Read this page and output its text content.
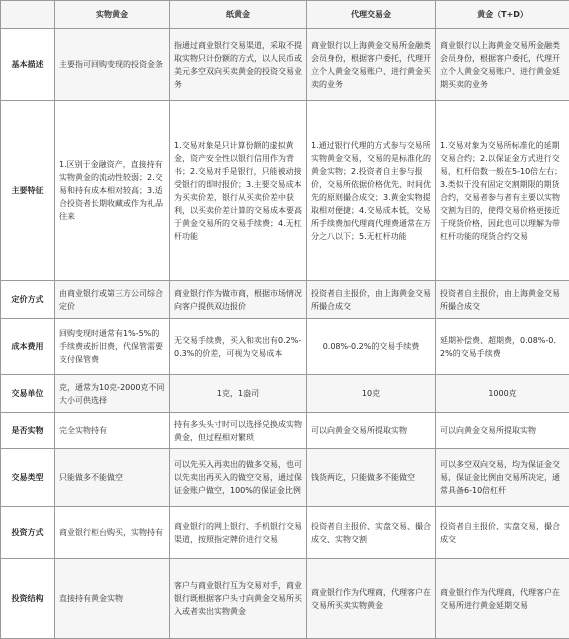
	实物黄金	纸黄金	代理交易金	黄金（T+D）
基本描述	主要指可回购变现的投资金条	指通过商业银行交易渠道，采取不提取实物只计份额的方式，以人民币或美元多空双向买卖黄金的投资交易业务	商业银行以上海黄金交易所金融类会员身份，根据客户委托，代理开立个人黄金交易账户、进行黄金买卖的业务	商业银行以上海黄金交易所金融类会员身份，根据客户委托，代理开立个人黄金交易账户、进行黄金延期买卖的业务
主要特征	1.区别于金融资产，直接持有实物黄金的流动性较弱；2.交易和持有成本相对较高；3.适合投资者长期收藏或作为礼品往来	1.交易对象是只计算份额的虚拟黄金，资产安全性以银行信用作为背书；2.交易对手是银行，只能被动接受银行的即时报价；3.主要交易成本为买卖价差，银行从买卖价差中获利，以买卖价差计算的交易成本要高于黄金交易所的交易手续费；4.无杠杆功能	1.通过银行代理的方式参与交易所实物黄金交易，交易的是标准化的黄金实物；2.投资者自主参与报价，交易所依据价格优先、时间优先的原则撮合成交；3.黄金实物提取相对便捷；4.交易成本低，交易所手续费加代理商代理费通常在万分之八以下；5.无杠杆功能	1.交易对象为交易所标准化的延期交易合约；2.以保证金方式进行交易，杠杆倍数一般在5-10倍左右；3.类似于没有固定交割期限的期货合约，交易者参与者有主要以实物交割为目的，使得交易价格更接近于现货价格，因此也可以理解为带杠杆功能的现货合约交易
定价方式	由商业银行或第三方公司综合定价	商业银行作为做市商，根据市场情况向客户提供双边报价	投资者自主报价，由上海黄金交易所撮合成交	投资者自主报价，由上海黄金交易所撮合成交
成本费用	回购变现时通常有1%-5%的手续费或折旧费，代保管需要支付保管费	无交易手续费，买入和卖出有0.2%-0.3%的价差，可视为交易成本	0.08%-0.2%的交易手续费	延期补偿费、超期费，0.08%-0.2%的交易手续费
交易单位	克，通常为10克-2000克不同大小可供选择	1克，1盎司	10克	1000克
是否实物	完全实物持有	持有多头头寸时可以选择兑换成实物黄金，但过程相对繁琐	可以向黄金交易所提取实物	可以向黄金交易所提取实物
交易类型	只能做多不能做空	可以先买入再卖出的做多交易，也可以先卖出再买入的做空交易，通过保证金账户做空，100%的保证金比例	钱货两讫，只能做多不能做空	可以多空双向交易，均为保证金交易，保证金比例由交易所决定，通常具备6-10倍杠杆
投资方式	商业银行柜台购买，实物持有	商业银行的网上银行、手机银行交易渠道，按照指定牌价进行交易	投资者自主报价、实盘交易、撮合成交、实物交割	投资者自主报价、实盘交易，撮合成交
投资结构	直接持有黄金实物	客户与商业银行互为交易对手，商业银行既根据客户头寸向黄金交易所买入或者卖出实物黄金	商业银行作为代理商，代理客户在交易所买卖实物黄金	商业银行作为代理商，代理客户在交易所进行黄金延期交易
